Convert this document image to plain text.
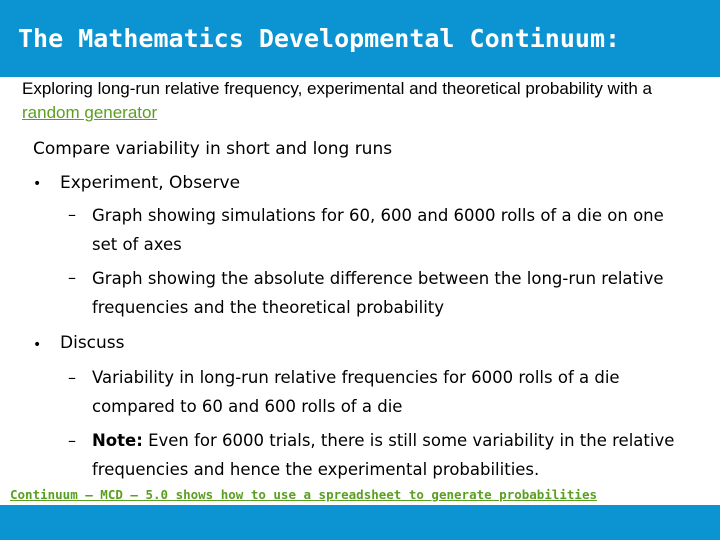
The Mathematics Developmental Continuum:
Exploring long-run relative frequency, experimental and theoretical probability with a random generator
Compare variability in short and long runs
• Experiment, Observe
– Graph showing simulations for 60, 600 and 6000 rolls of a die on one set of axes
– Graph showing the absolute difference between the long-run relative frequencies and the theoretical probability
• Discuss
– Variability in long-run relative frequencies for 6000 rolls of a die compared to 60 and 600 rolls of a die
– Note: Even for 6000 trials, there is still some variability in the relative frequencies and hence the experimental probabilities.
Continuum – MCD – 5.0 shows how to use a spreadsheet to generate probabilities
